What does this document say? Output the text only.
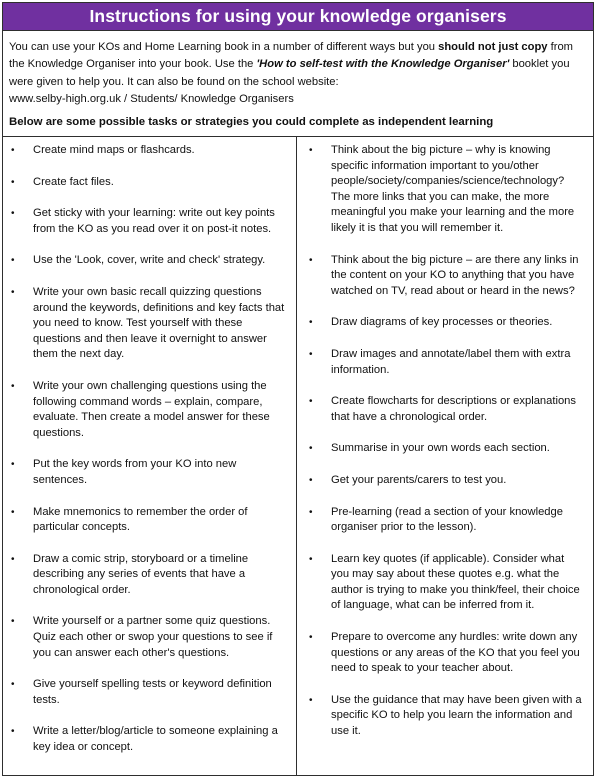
Instructions for using your knowledge organisers
You can use your KOs and Home Learning book in a number of different ways but you should not just copy from the Knowledge Organiser into your book. Use the 'How to self-test with the Knowledge Organiser' booklet you were given to help you. It can also be found on the school website:
www.selby-high.org.uk / Students/ Knowledge Organisers
Below are some possible tasks or strategies you could complete as independent learning
•	Create mind maps or flashcards.
•	Create fact files.
•	Get sticky with your learning: write out key points from the KO as you read over it on post-it notes.
•	Use the 'Look, cover, write and check' strategy.
•	Write your own basic recall quizzing questions around the keywords, definitions and key facts that you need to know. Test yourself with these questions and then leave it overnight to answer them the next day.
•	Write your own challenging questions using the following command words – explain, compare, evaluate. Then create a model answer for these questions.
•	Put the key words from your KO into new sentences.
•	Make mnemonics to remember the order of particular concepts.
•	Draw a comic strip, storyboard or a timeline describing any series of events that have a chronological order.
•	Write yourself or a partner some quiz questions. Quiz each other or swop your questions to see if you can answer each other's questions.
•	Give yourself spelling tests or keyword definition tests.
•	Write a letter/blog/article to someone explaining a key idea or concept.
•	Think about the big picture – why is knowing specific information important to you/other people/society/companies/science/technology? The more links that you can make, the more meaningful you make your learning and the more likely it is that you will remember it.
•	Think about the big picture – are there any links in the content on your KO to anything that you have watched on TV, read about or heard in the news?
•	Draw diagrams of key processes or theories.
•	Draw images and annotate/label them with extra information.
•	Create flowcharts for descriptions or explanations that have a chronological order.
•	Summarise in your own words each section.
•	Get your parents/carers to test you.
•	Pre-learning (read a section of your knowledge organiser prior to the lesson).
•	Learn key quotes (if applicable). Consider what you may say about these quotes e.g. what the author is trying to make you think/feel, their choice of language, what can be inferred from it.
•	Prepare to overcome any hurdles: write down any questions or any areas of the KO that you feel you need to speak to your teacher about.
•	Use the guidance that may have been given with a specific KO to help you learn the information and use it.
